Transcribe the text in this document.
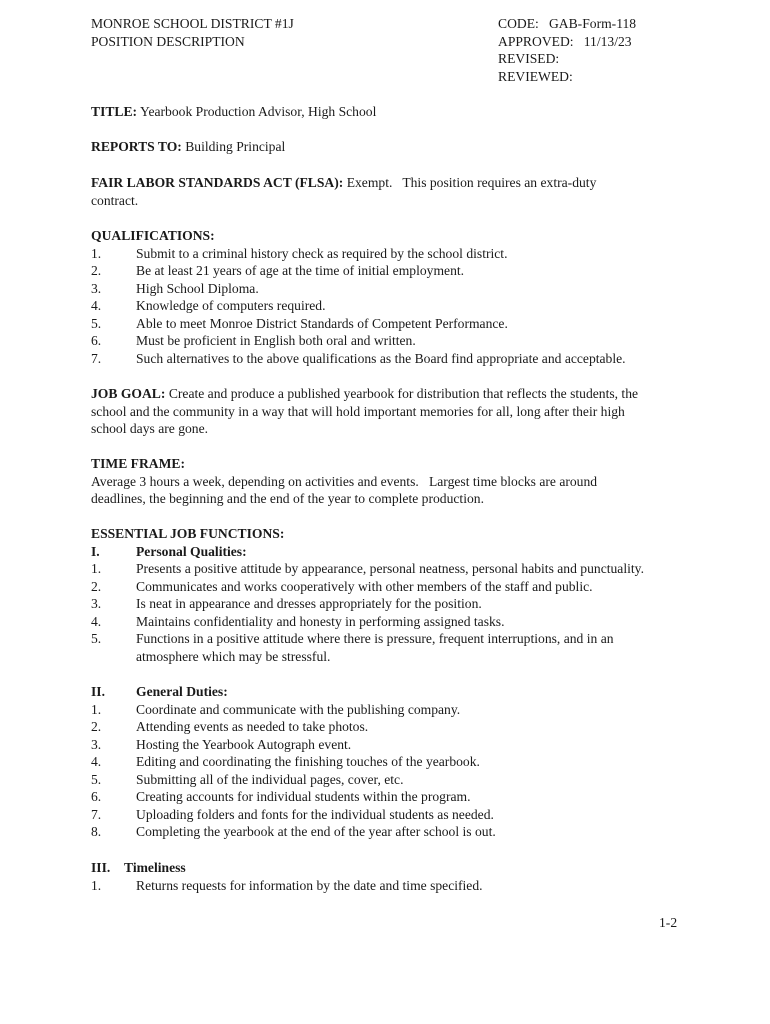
MONROE SCHOOL DISTRICT #1J
POSITION DESCRIPTION
CODE: GAB-Form-118
APPROVED: 11/13/23
REVISED:
REVIEWED:
TITLE: Yearbook Production Advisor, High School
REPORTS TO: Building Principal
FAIR LABOR STANDARDS ACT (FLSA): Exempt.   This position requires an extra-duty
contract.
QUALIFICATIONS:
1.	Submit to a criminal history check as required by the school district.
2.	Be at least 21 years of age at the time of initial employment.
3.	High School Diploma.
4.	Knowledge of computers required.
5.	Able to meet Monroe District Standards of Competent Performance.
6.	Must be proficient in English both oral and written.
7.	Such alternatives to the above qualifications as the Board find appropriate and acceptable.
JOB GOAL: Create and produce a published yearbook for distribution that reflects the students, the
school and the community in a way that will hold important memories for all, long after their high
school days are gone.
TIME FRAME:
Average 3 hours a week, depending on activities and events.   Largest time blocks are around
deadlines, the beginning and the end of the year to complete production.
ESSENTIAL JOB FUNCTIONS:
I.	Personal Qualities:
1.	Presents a positive attitude by appearance, personal neatness, personal habits and punctuality.
2.	Communicates and works cooperatively with other members of the staff and public.
3.	Is neat in appearance and dresses appropriately for the position.
4.	Maintains confidentiality and honesty in performing assigned tasks.
5.	Functions in a positive attitude where there is pressure, frequent interruptions, and in an
atmosphere which may be stressful.
II. General Duties:
1.	Coordinate and communicate with the publishing company.
2.	Attending events as needed to take photos.
3.	Hosting the Yearbook Autograph event.
4.	Editing and coordinating the finishing touches of the yearbook.
5.	Submitting all of the individual pages, cover, etc.
6.	Creating accounts for individual students within the program.
7.	Uploading folders and fonts for the individual students as needed.
8.	Completing the yearbook at the end of the year after school is out.
III. Timeliness
1.	Returns requests for information by the date and time specified.
1-2
